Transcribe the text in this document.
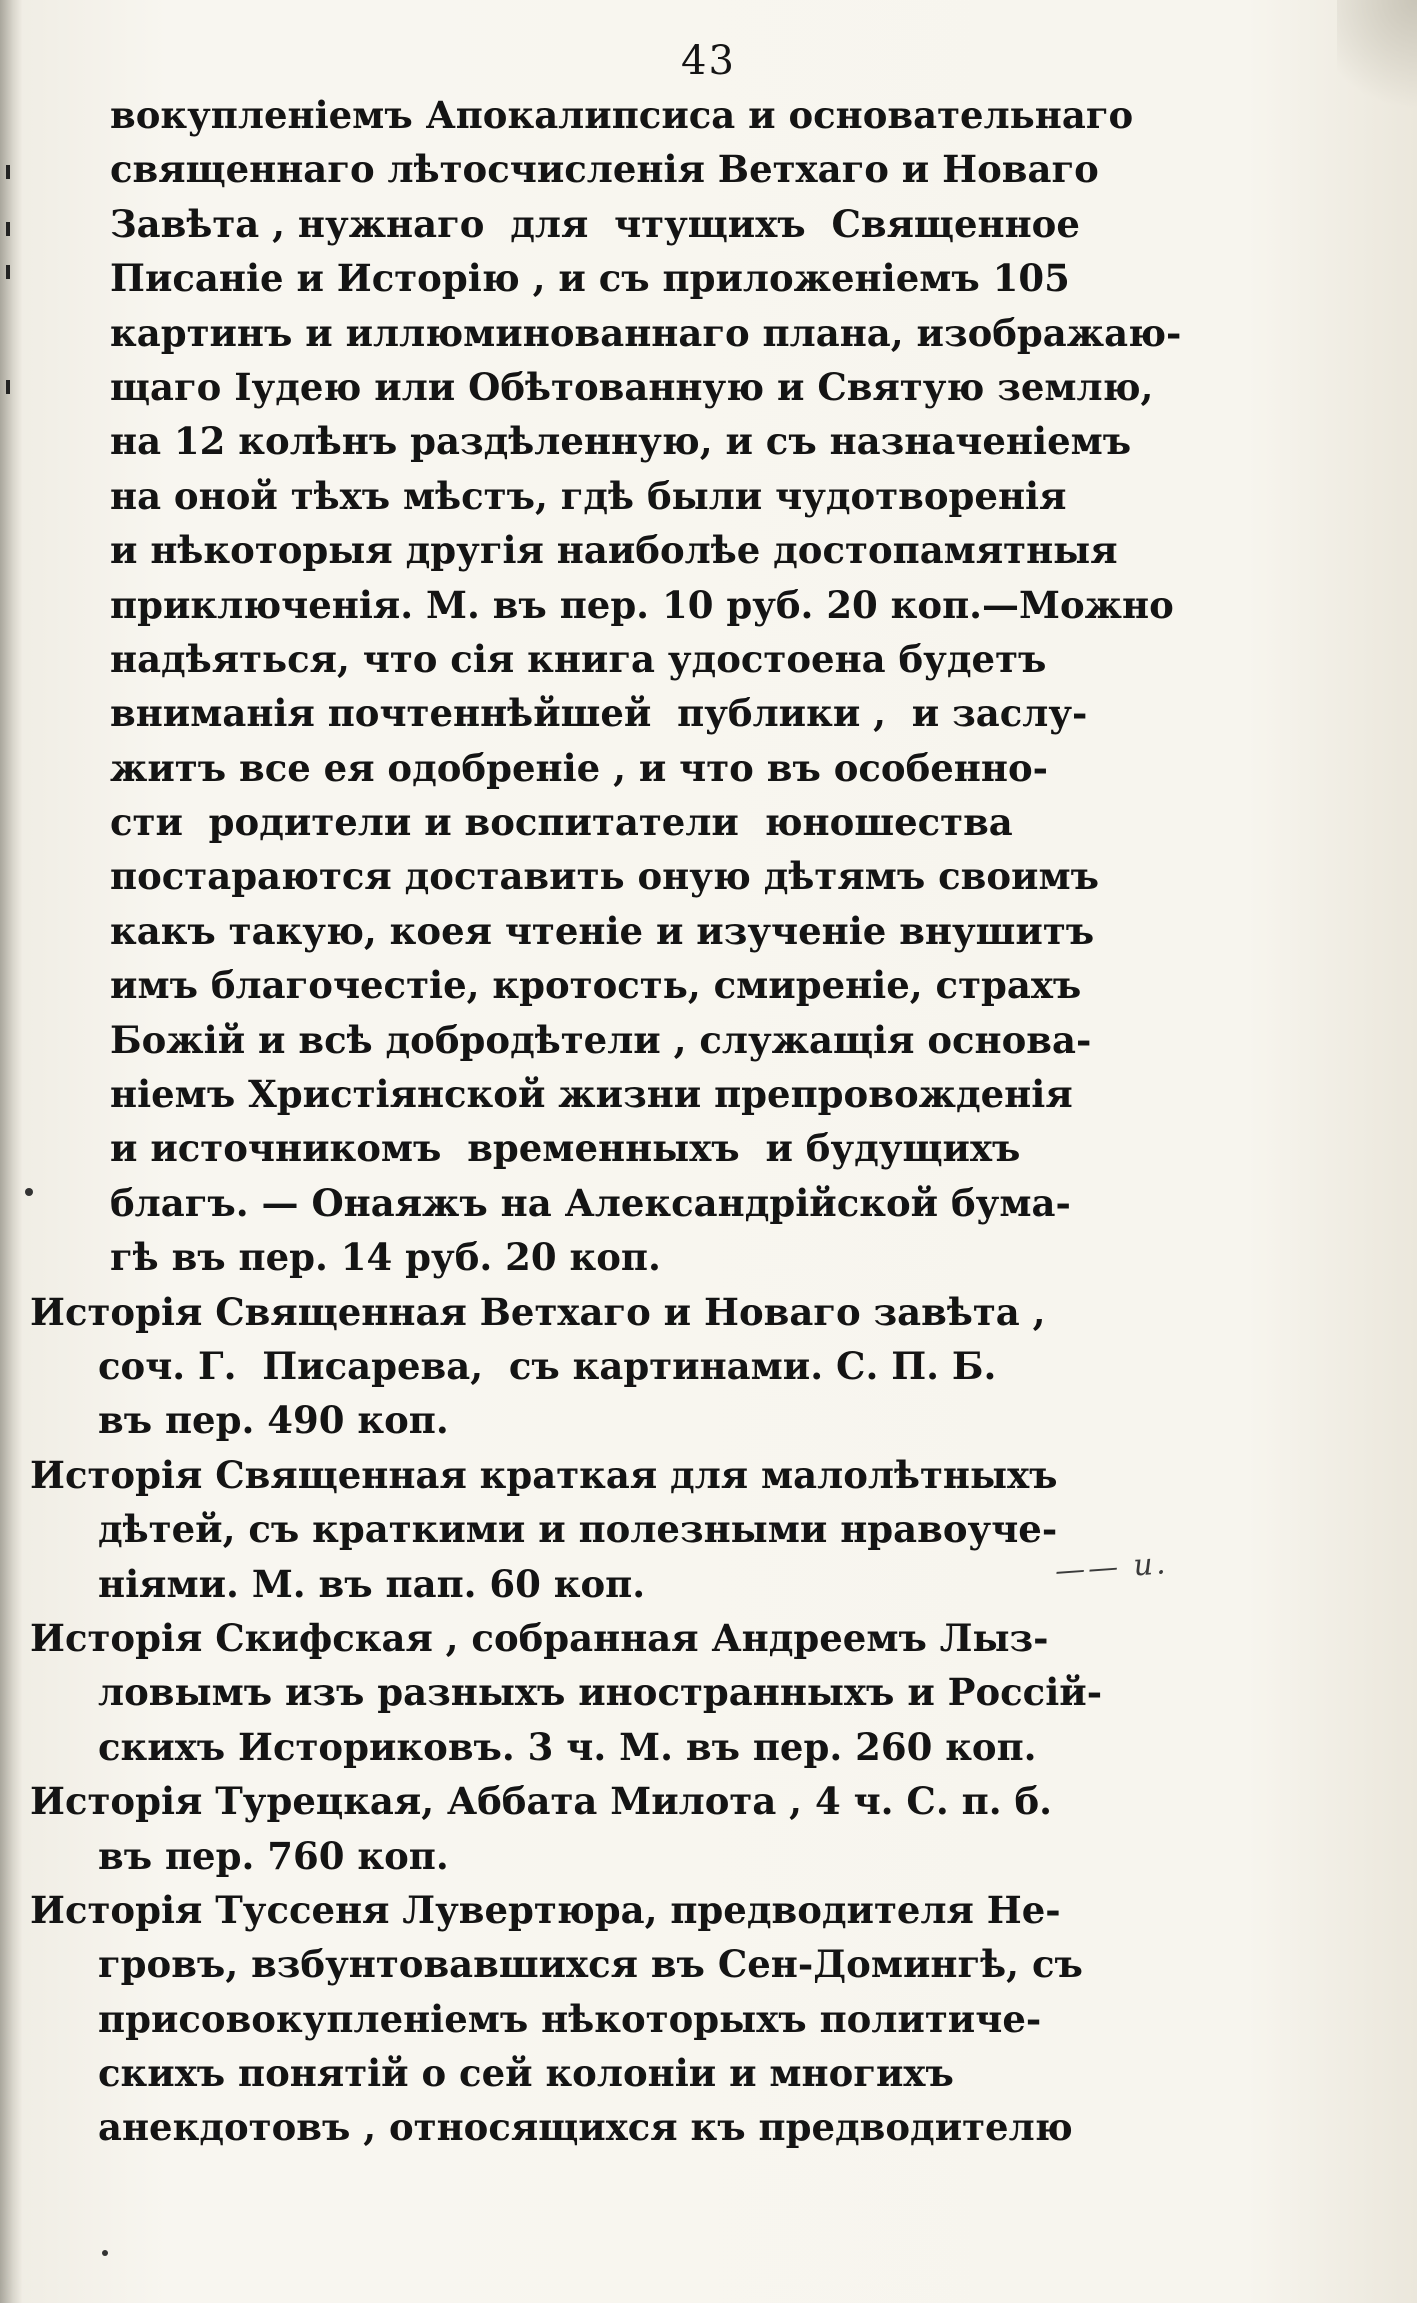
43
вокупленіемъ Апокалипсиса и основательнаго
священнаго лѣтосчисленія Ветхаго и Новаго
Завѣта , нужнаго  для  чтущихъ  Священное
Писаніе и Исторію , и съ приложеніемъ 105
картинъ и иллюминованнаго плана, изображаю-
щаго Іудею или Обѣтованную и Святую землю,
на 12 колѣнъ раздѣленную, и съ назначеніемъ
на оной тѣхъ мѣстъ, гдѣ были чудотворенія
и нѣкоторыя другія наиболѣе достопамятныя
приключенія. М. въ пер. 10 руб. 20 коп.—Можно
надѣяться, что сія книга удостоена будетъ
вниманія почтеннѣйшей  публики ,  и заслу-
житъ все ея одобреніе , и что въ особенно-
сти  родители и воспитатели  юношества
постараются доставить оную дѣтямъ своимъ
какъ такую, коея чтеніе и изученіе внушитъ
имъ благочестіе, кротость, смиреніе, страхъ
Божій и всѣ добродѣтели , служащія основа-
ніемъ Христіянской жизни препровожденія
и источникомъ  временныхъ  и будущихъ
благъ. — Онаяжъ на Александрійской бума-
гѣ въ пер. 14 руб. 20 коп.
Исторія Священная Ветхаго и Новаго завѣта ,
соч. Г.  Писарева,  съ картинами. С. П. Б.
въ пер. 490 коп.
Исторія Священная краткая для малолѣтныхъ
дѣтей, съ краткими и полезными нравоуче-
ніями. М. въ пап. 60 коп.
Исторія Скифская , собранная Андреемъ Лыз-
ловымъ изъ разныхъ иностранныхъ и Россій-
скихъ Историковъ. 3 ч. М. въ пер. 260 коп.
Исторія Турецкая, Аббата Милота , 4 ч. С. п. б.
въ пер. 760 коп.
Исторія Туссеня Лувертюра, предводителя Не-
гровъ, взбунтовавшихся въ Сен-Домингѣ, съ
присовокупленіемъ нѣкоторыхъ политиче-
скихъ понятій о сей колоніи и многихъ
анекдотовъ , относящихся къ предводителю
—— и.
